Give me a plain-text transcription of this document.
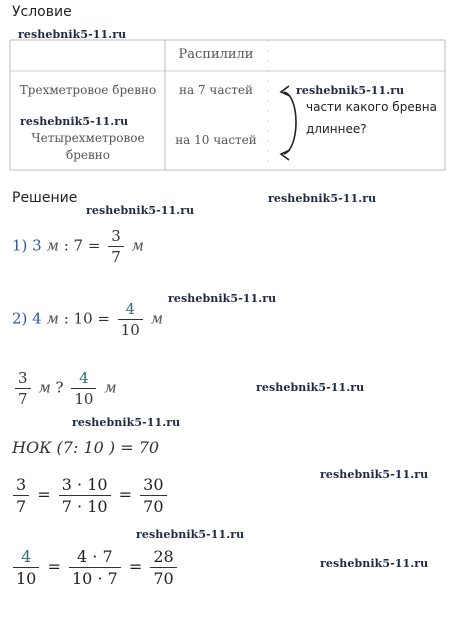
Условие
Решение
Распилили
Трехметровое бревно	на 7 частей
Четырехметровое бревно
на 10 частей
части какого бревна длиннее?
1) 3 м : $7 = \frac{3}{7}$ м
2) 4 м : $10 = \frac{4}{10}$ м
$\frac{3}{7}$ м ? $\frac{4}{10}$ м
НОК (7: 10 ) = 70
$\frac{3}{7} = \frac{3 \cdot 10}{7 \cdot 10} = \frac{30}{70}$
$\frac{4}{10} = \frac{4 \cdot 7}{10 \cdot 7} = \frac{28}{70}$
reshebnik5-11.ru
reshebnik5-11.ru
reshebnik5-11.ru
reshebnik5-11.ru
reshebnik5-11.ru
reshebnik5-11.ru
reshebnik5-11.ru
reshebnik5-11.ru
reshebnik5-11.ru
reshebnik5-11.ru
reshebnik5-11.ru
